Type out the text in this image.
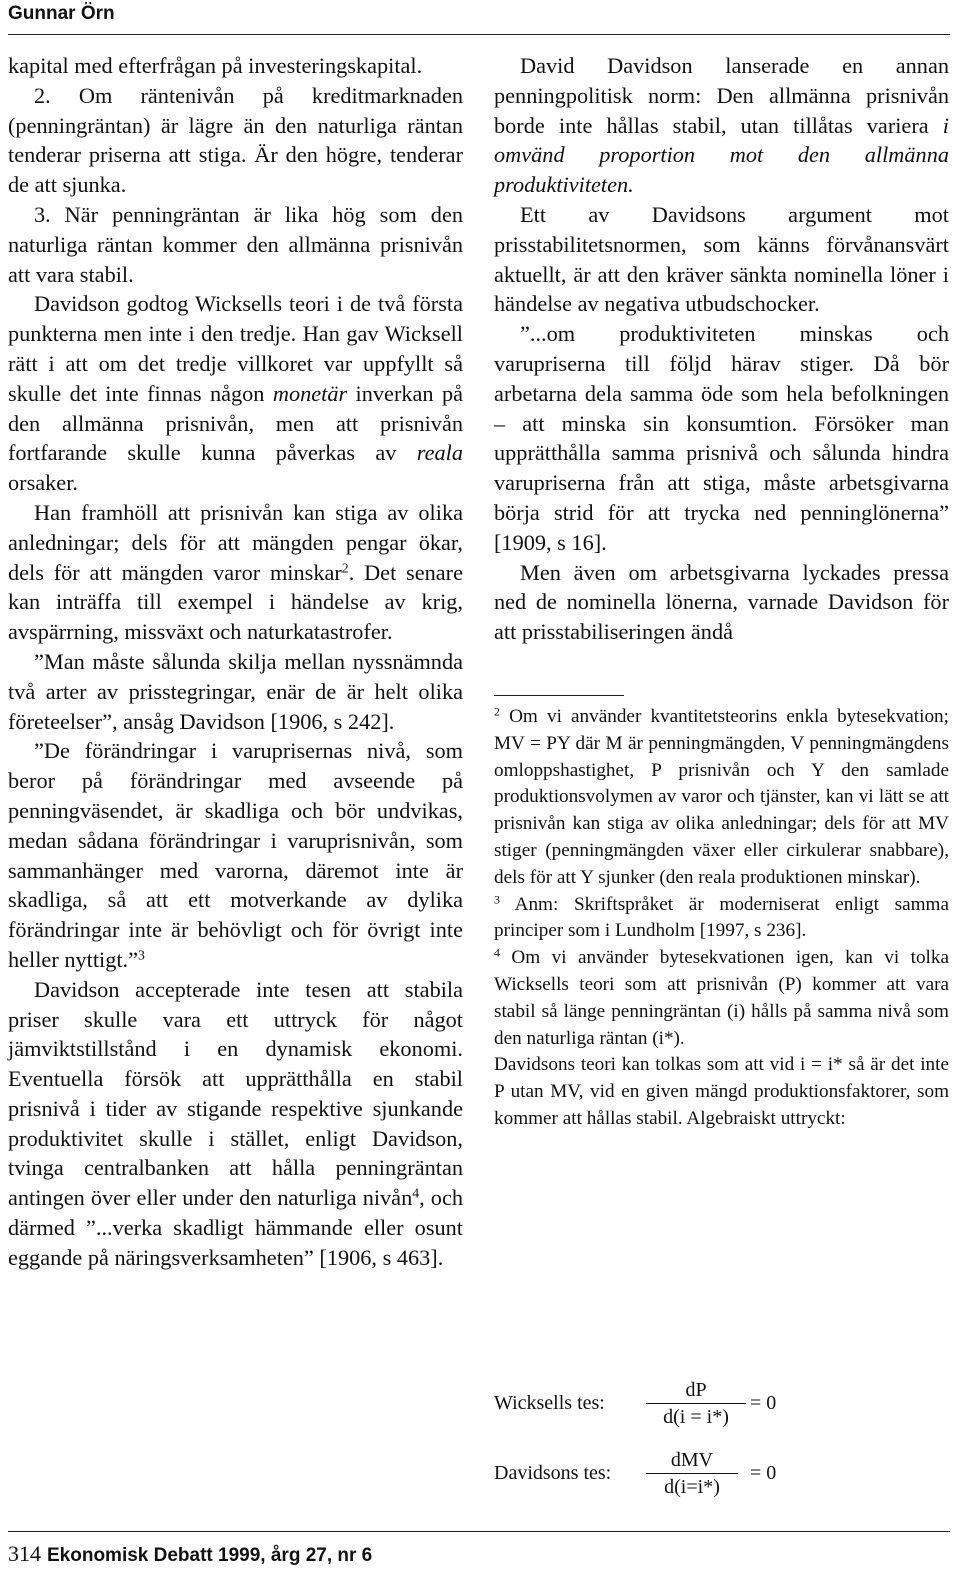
Gunnar Örn

kapital med efterfrågan på investeringskapital.

2. Om räntenivån på kreditmarknaden (penningräntan) är lägre än den naturliga räntan tenderar priserna att stiga. Är den högre, tenderar de att sjunka.

3. När penningräntan är lika hög som den naturliga räntan kommer den allmänna prisnivån att vara stabil.

Davidson godtog Wicksells teori i de två första punkterna men inte i den tredje. Han gav Wicksell rätt i att om det tredje villkoret var uppfyllt så skulle det inte finnas någon monetär inverkan på den allmänna prisnivån, men att prisnivån fortfarande skulle kunna påverkas av reala orsaker.

Han framhöll att prisnivån kan stiga av olika anledningar; dels för att mängden pengar ökar, dels för att mängden varor minskar$^2$. Det senare kan inträffa till exempel i händelse av krig, avspärrning, missväxt och naturkatastrofer.

”Man måste sålunda skilja mellan nyssnämnda två arter av prisstegringar, enär de är helt olika företeelser”, ansåg Davidson [1906, s 242].

”De förändringar i varuprisernas nivå, som beror på förändringar med avseende på penningväsendet, är skadliga och bör undvikas, medan sådana förändringar i varuprisnivån, som sammanhänger med varorna, däremot inte är skadliga, så att ett motverkande av dylika förändringar inte är behövligt och för övrigt inte heller nyttigt.”$^3$

Davidson accepterade inte tesen att stabila priser skulle vara ett uttryck för något jämviktstillstånd i en dynamisk ekonomi. Eventuella försök att upprätthålla en stabil prisnivå i tider av stigande respektive sjunkande produktivitet skulle i stället, enligt Davidson, tvinga centralbanken att hålla penningräntan antingen över eller under den naturliga nivån$^4$, och därmed ”...verka skadligt hämmande eller osunt eggande på näringsverksamheten” [1906, s 463].

David Davidson lanserade en annan penningpolitisk norm: Den allmänna prisnivån borde inte hållas stabil, utan tillåtas variera i omvänd proportion mot den allmänna produktiviteten.

Ett av Davidsons argument mot prisstabilitetsnormen, som känns förvånansvärt aktuellt, är att den kräver sänkta nominella löner i händelse av negativa utbudschocker.

”...om produktiviteten minskas och varupriserna till följd härav stiger. Då bör arbetarna dela samma öde som hela befolkningen – att minska sin konsumtion. Försöker man upprätthålla samma prisnivå och sålunda hindra varupriserna från att stiga, måste arbetsgivarna börja strid för att trycka ned penninglönerna” [1909, s 16].

Men även om arbetsgivarna lyckades pressa ned de nominella lönerna, varnade Davidson för att prisstabiliseringen ändå

$^2$ Om vi använder kvantitetsteorins enkla bytesekvation; MV = PY där M är penningmängden, V penningmängdens omloppshastighet, P prisnivån och Y den samlade produktionsvolymen av varor och tjänster, kan vi lätt se att prisnivån kan stiga av olika anledningar; dels för att MV stiger (penningmängden växer eller cirkulerar snabbare), dels för att Y sjunker (den reala produktionen minskar).

$^3$ Anm: Skriftspråket är moderniserat enligt samma principer som i Lundholm [1997, s 236].

$^4$ Om vi använder bytesekvationen igen, kan vi tolka Wicksells teori som att prisnivån (P) kommer att vara stabil så länge penningräntan (i) hålls på samma nivå som den naturliga räntan (i*).

Davidsons teori kan tolkas som att vid i = i* så är det inte P utan MV, vid en given mängd produktionsfaktorer, som kommer att hållas stabil. Algebraiskt uttryckt:

Wicksells tes: $\frac{dP}{d(i = i*)} = 0$
Davidsons tes:
dMV
d(i=i*)
= 0
314 Ekonomisk Debatt 1999, årg 27, nr 6
